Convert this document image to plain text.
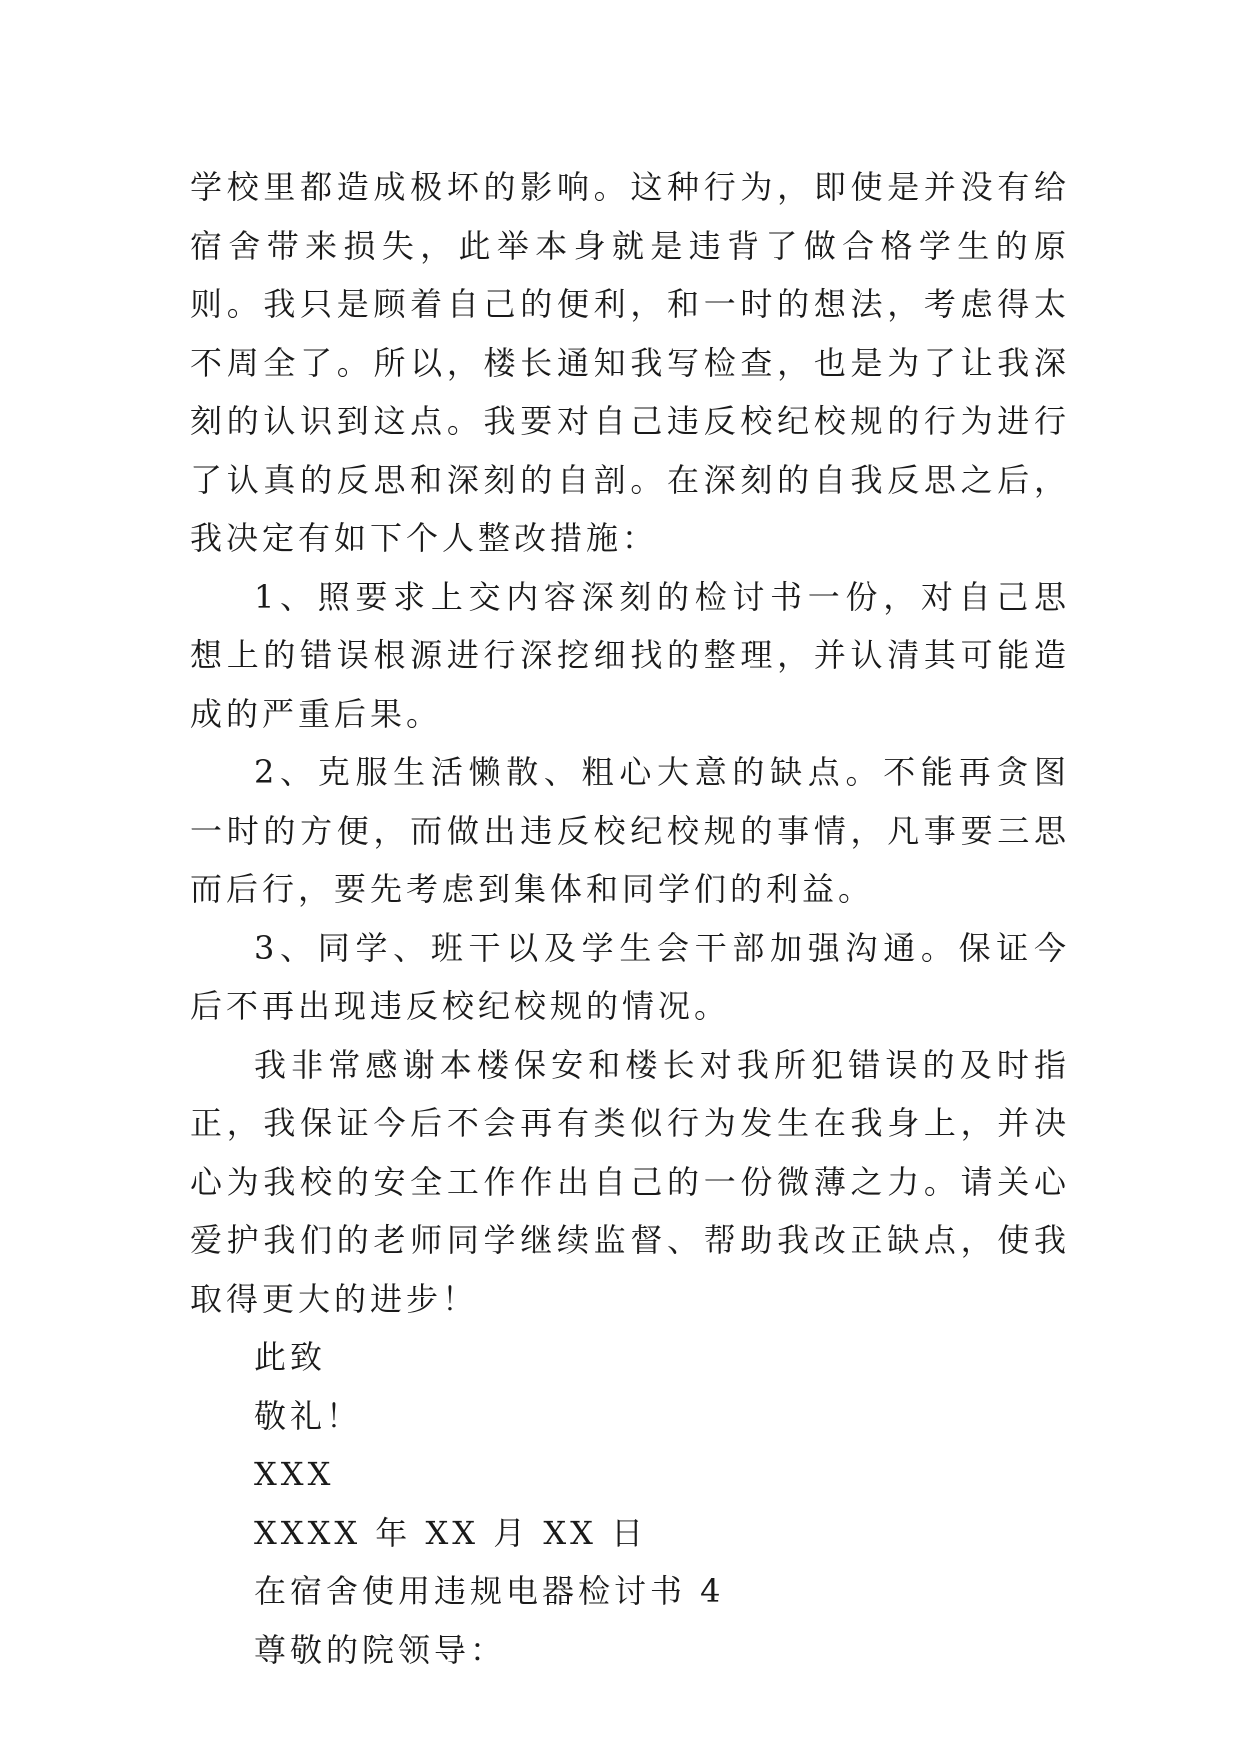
学校里都造成极坏的影响。这种行为，即使是并没有给宿舍带来损失，此举本身就是违背了做合格学生的原则。我只是顾着自己的便利，和一时的想法，考虑得太不周全了。所以，楼长通知我写检查，也是为了让我深刻的认识到这点。我要对自己违反校纪校规的行为进行了认真的反思和深刻的自剖。在深刻的自我反思之后，我决定有如下个人整改措施：

1、照要求上交内容深刻的检讨书一份，对自己思想上的错误根源进行深挖细找的整理，并认清其可能造成的严重后果。

2、克服生活懒散、粗心大意的缺点。不能再贪图一时的方便，而做出违反校纪校规的事情，凡事要三思而后行，要先考虑到集体和同学们的利益。

3、同学、班干以及学生会干部加强沟通。保证今后不再出现违反校纪校规的情况。

我非常感谢本楼保安和楼长对我所犯错误的及时指正，我保证今后不会再有类似行为发生在我身上，并决心为我校的安全工作作出自己的一份微薄之力。请关心爱护我们的老师同学继续监督、帮助我改正缺点，使我取得更大的进步！

此致

敬礼！

XXX

XXXX 年 XX 月 XX 日

在宿舍使用违规电器检讨书 4

尊敬的院领导：
